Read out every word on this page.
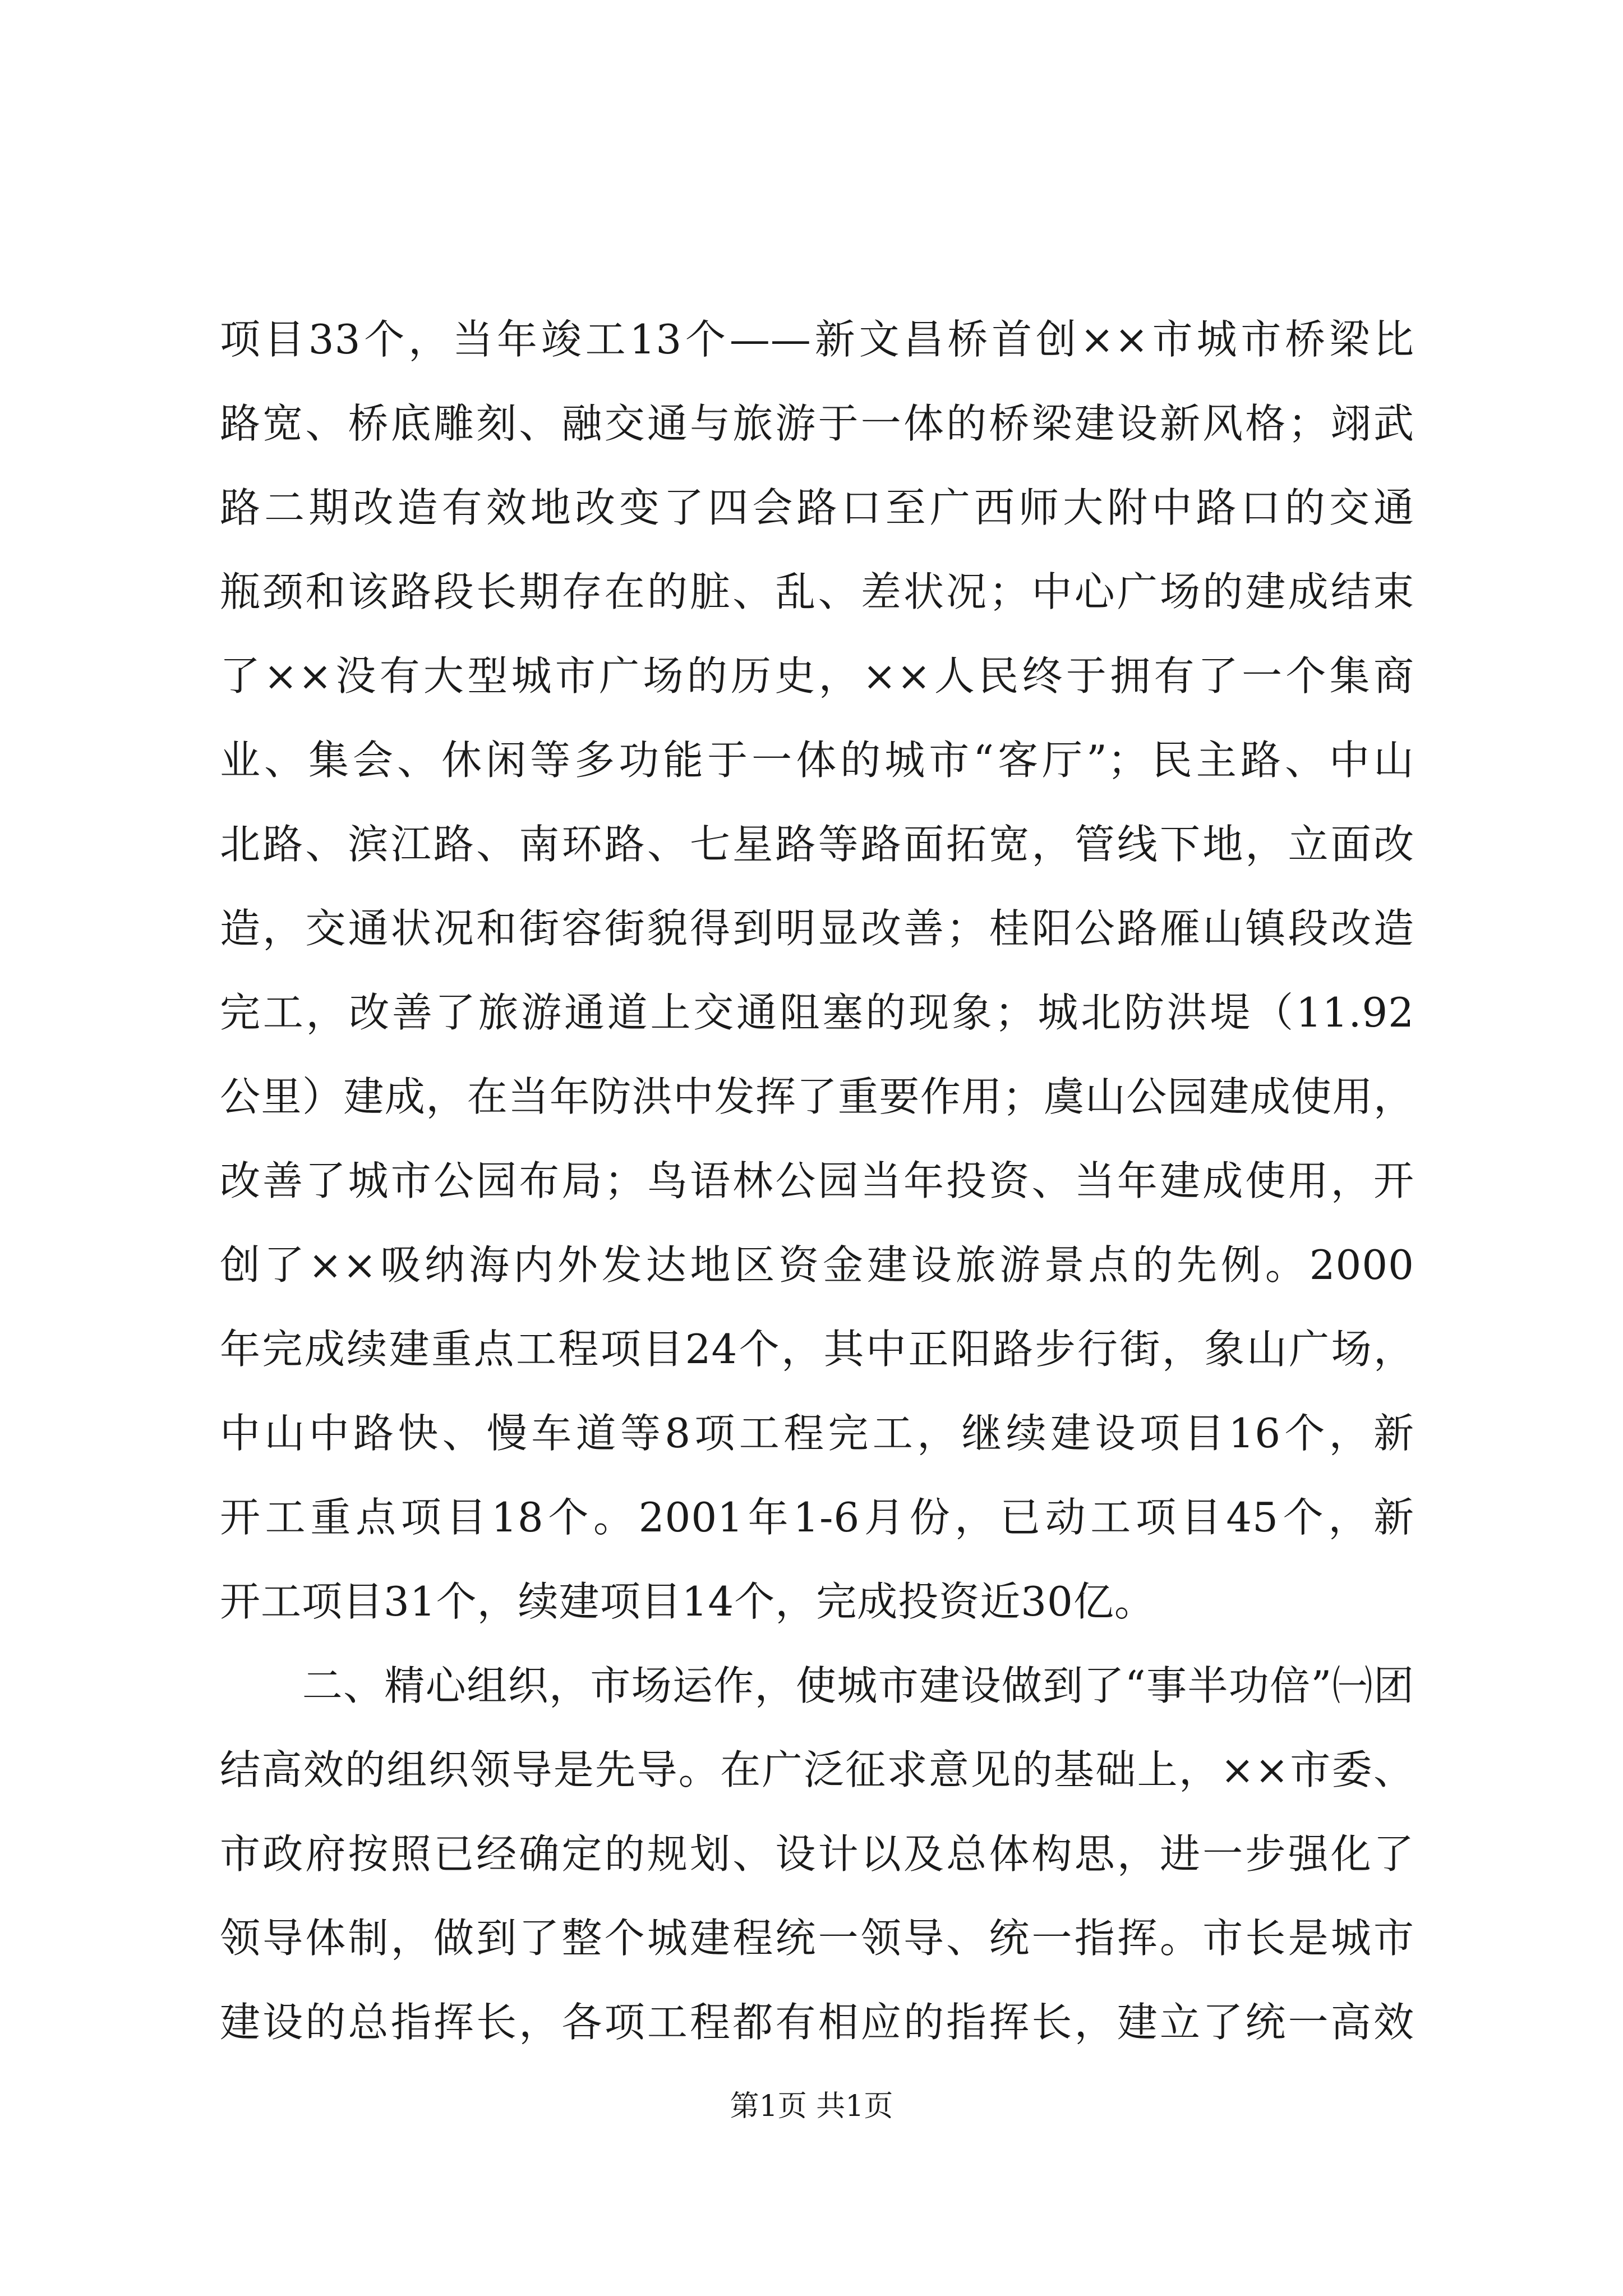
项目33个，当年竣工13个——新文昌桥首创××市城市桥梁比
路宽、桥底雕刻、融交通与旅游于一体的桥梁建设新风格；翊武
路二期改造有效地改变了四会路口至广西师大附中路口的交通
瓶颈和该路段长期存在的脏、乱、差状况；中心广场的建成结束
了××没有大型城市广场的历史，××人民终于拥有了一个集商
业、集会、休闲等多功能于一体的城市“客厅”；民主路、中山
北路、滨江路、南环路、七星路等路面拓宽，管线下地，立面改
造，交通状况和街容街貌得到明显改善；桂阳公路雁山镇段改造
完工，改善了旅游通道上交通阻塞的现象；城北防洪堤（11.92
公里）建成，在当年防洪中发挥了重要作用；虞山公园建成使用，
改善了城市公园布局；鸟语林公园当年投资、当年建成使用，开
创了××吸纳海内外发达地区资金建设旅游景点的先例。2000
年完成续建重点工程项目24个，其中正阳路步行街，象山广场，
中山中路快、慢车道等8项工程完工，继续建设项目16个，新
开工重点项目18个。2001年1-6月份，已动工项目45个，新
开工项目31个，续建项目14个，完成投资近30亿。
　　二、精心组织，市场运作，使城市建设做到了“事半功倍”㈠团
结高效的组织领导是先导。在广泛征求意见的基础上，××市委、
市政府按照已经确定的规划、设计以及总体构思，进一步强化了
领导体制，做到了整个城建程统一领导、统一指挥。市长是城市
建设的总指挥长，各项工程都有相应的指挥长，建立了统一高效
第1页 共1页
